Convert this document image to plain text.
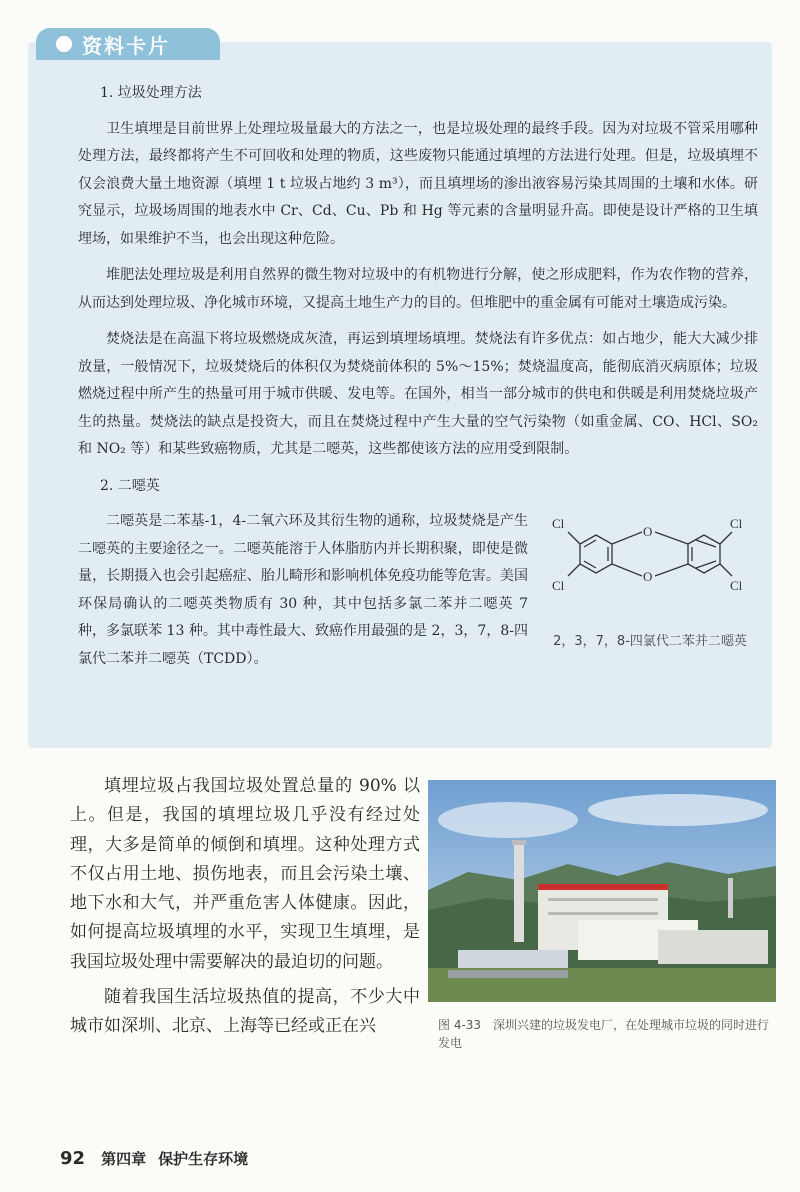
资料卡片
1. 垃圾处理方法

卫生填埋是目前世界上处理垃圾量最大的方法之一，也是垃圾处理的最终手段。因为对垃圾不管采用哪种处理方法，最终都将产生不可回收和处理的物质，这些废物只能通过填埋的方法进行处理。但是，垃圾填埋不仅会浪费大量土地资源（填埋 1 t 垃圾占地约 3 m³），而且填埋场的渗出液容易污染其周围的土壤和水体。研究显示，垃圾场周围的地表水中 Cr、Cd、Cu、Pb 和 Hg 等元素的含量明显升高。即使是设计严格的卫生填埋场，如果维护不当，也会出现这种危险。

堆肥法处理垃圾是利用自然界的微生物对垃圾中的有机物进行分解，使之形成肥料，作为农作物的营养，从而达到处理垃圾、净化城市环境，又提高土地生产力的目的。但堆肥中的重金属有可能对土壤造成污染。

焚烧法是在高温下将垃圾燃烧成灰渣，再运到填埋场填埋。焚烧法有许多优点：如占地少，能大大减少排放量，一般情况下，垃圾焚烧后的体积仅为焚烧前体积的 5%～15%；焚烧温度高，能彻底消灭病原体；垃圾燃烧过程中所产生的热量可用于城市供暖、发电等。在国外，相当一部分城市的供电和供暖是利用焚烧垃圾产生的热量。焚烧法的缺点是投资大，而且在焚烧过程中产生大量的空气污染物（如重金属、CO、HCl、SO₂ 和 NO₂ 等）和某些致癌物质，尤其是二噁英，这些都使该方法的应用受到限制。

2. 二噁英

二噁英是二苯基-1，4-二氧六环及其衍生物的通称，垃圾焚烧是产生二噁英的主要途径之一。二噁英能溶于人体脂肪内并长期积聚，即使是微量，长期摄入也会引起癌症、胎儿畸形和影响机体免疫功能等危害。美国环保局确认的二噁英类物质有 30 种，其中包括多氯二苯并二噁英 7 种，多氯联苯 13 种。其中毒性最大、致癌作用最强的是 2，3，7，8-四氯代二苯并二噁英（TCDD）。

O
O
Cl
Cl
Cl
Cl
2，3，7，8-四氯代二苯并二噁英

填埋垃圾占我国垃圾处置总量的 90% 以上。但是，我国的填埋垃圾几乎没有经过处理，大多是简单的倾倒和填埋。这种处理方式不仅占用土地、损伤地表，而且会污染土壤、地下水和大气，并严重危害人体健康。因此，如何提高垃圾填埋的水平，实现卫生填埋，是我国垃圾处理中需要解决的最迫切的问题。

随着我国生活垃圾热值的提高，不少大中城市如深圳、北京、上海等已经或正在兴	图 4-33　深圳兴建的垃圾发电厂，在处理城市垃圾的同时进行发电
92 第四章 保护生存环境
